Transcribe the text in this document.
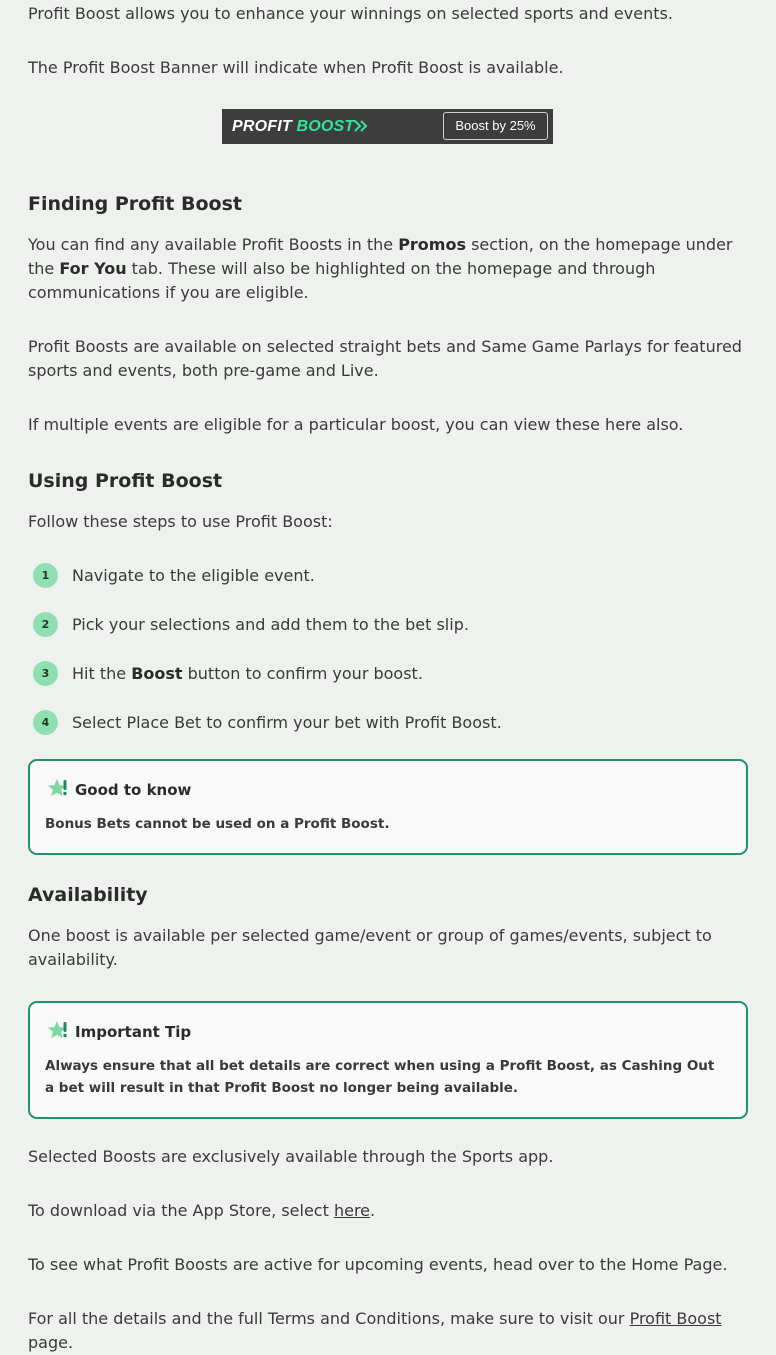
Profit Boost allows you to enhance your winnings on selected sports and events.

The Profit Boost Banner will indicate when Profit Boost is available.

PROFIT BOOST	Boost by 25%
Finding Profit Boost

You can find any available Profit Boosts in the Promos section, on the homepage under the For You tab. These will also be highlighted on the homepage and through communications if you are eligible.

Profit Boosts are available on selected straight bets and Same Game Parlays for featured sports and events, both pre-game and Live.

If multiple events are eligible for a particular boost, you can view these here also.

Using Profit Boost

Follow these steps to use Profit Boost:

1	Navigate to the eligible event.
2	Pick your selections and add them to the bet slip.
3	Hit the Boost button to confirm your boost.
4	Select Place Bet to confirm your bet with Profit Boost.
Good to know
Bonus Bets cannot be used on a Profit Boost.
Availability

One boost is available per selected game/event or group of games/events, subject to availability.

Important Tip
Always ensure that all bet details are correct when using a Profit Boost, as Cashing Out a bet will result in that Profit Boost no longer being available.

Selected Boosts are exclusively available through the Sports app.

To download via the App Store, select here.

To see what Profit Boosts are active for upcoming events, head over to the Home Page.

For all the details and the full Terms and Conditions, make sure to visit our Profit Boost page.
